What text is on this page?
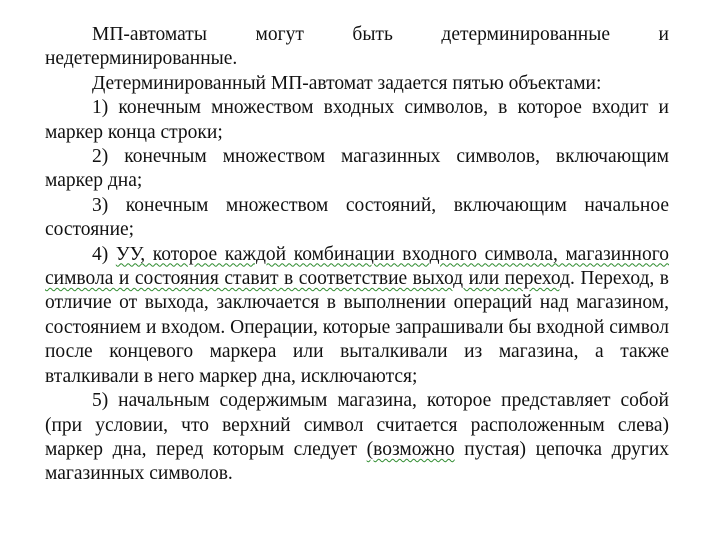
МП-автоматы могут быть детерминированные и недетерминированные.

Детерминированный МП-автомат задается пятью объектами:

1) конечным множеством входных символов, в которое входит и маркер конца строки;

2) конечным множеством магазинных символов, включающим маркер дна;

3) конечным множеством состояний, включающим начальное состояние;

4) УУ, которое каждой комбинации входного символа, магазинного символа и состояния ставит в соответствие выход или переход. Переход, в отличие от выхода, заключается в выполнении операций над магазином, состоянием и входом. Операции, которые запрашивали бы входной символ после концевого маркера или выталкивали из магазина, а также вталкивали в него маркер дна, исключаются;

5) начальным содержимым магазина, которое представляет собой (при условии, что верхний символ считается расположенным слева) маркер дна, перед которым следует (возможно пустая) цепочка других магазинных символов.
